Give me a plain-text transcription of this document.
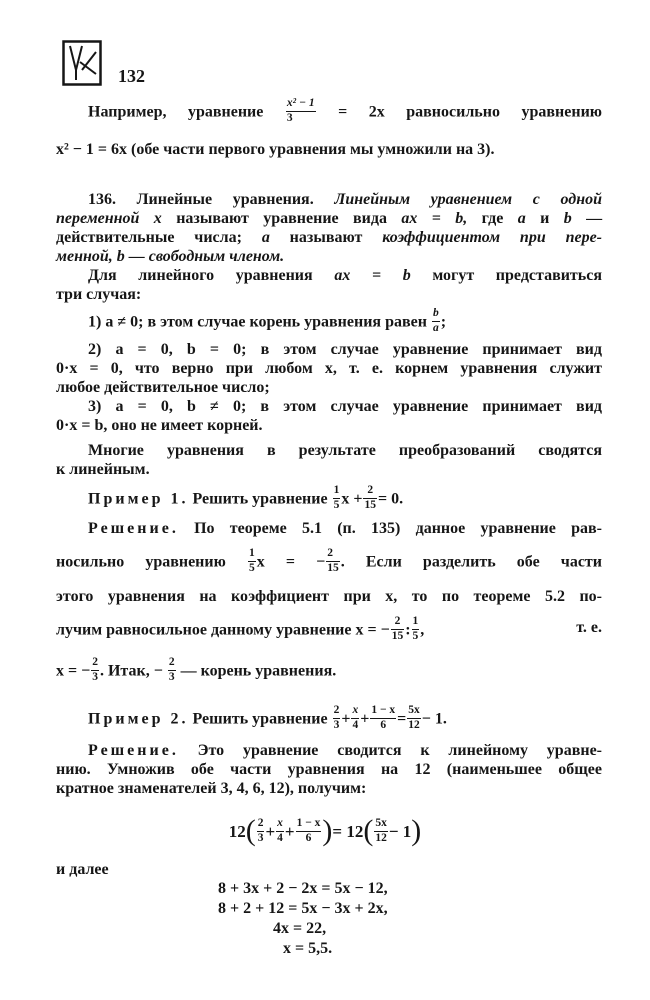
132
Например, уравнение $\frac{\text{x² − 1}}{3} = 2x$ равносильно уравнению
x² − 1 = 6x (обе части первого уравнения мы умножили на 3).
136. Линейные уравнения. Линейным уравнением с одной
переменной x называют уравнение вида ax = b, где a и b —
действительные числа; a называют коэффициентом при пере-
менной, b — свободным членом.
Для линейного уравнения ax = b могут представиться
три случая:
1) a ≠ 0; в этом случае корень уравнения равен $\frac{b}{a}$ ;
2) a = 0, b = 0; в этом случае уравнение принимает вид
0·x = 0, что верно при любом x, т. е. корнем уравнения служит
любое действительное число;
3) a = 0, b ≠ 0; в этом случае уравнение принимает вид
0·x = b, оно не имеет корней.
Многие уравнения в результате преобразований сводятся
к линейным.
Пример 1. Решить уравнение $\frac{1}{5}$ $x + \frac{2}{15} = 0$.
Решение. По теореме 5.1 (п. 135) данное уравнение рав-
носильно уравнению $\frac{1}{5}$ x = − $\frac{2}{15}$ . Если разделить обе части
этого уравнения на коэффициент при x, то по теореме 5.2 по-
лучим равносильное данному уравнение x = − $\frac{2}{15}$ : $\frac{1}{5}$ ,	т. е.
x = − $\frac{2}{3}$ . Итак, − $\frac{2}{3}$ — корень уравнения.
Пример 2. Решить уравнение $\frac{2}{3} + \frac{x}{4} + \frac{1 - x}{6} = \frac{5x}{12} - 1$.
Решение. Это уравнение сводится к линейному уравне-
нию. Умножив обе части уравнения на 12 (наименьшее общее
кратное знаменателей 3, 4, 6, 12), получим:
$12( \frac{2}{3} + \frac{x}{4} + \frac{1 - x}{6}$ )= $12( \frac{5x}{12} - 1)$
и далее
8 + 3x + 2 − 2x = 5x − 12,
8 + 2 + 12 = 5x − 3x + 2x,
4x = 22,
x = 5,5.
